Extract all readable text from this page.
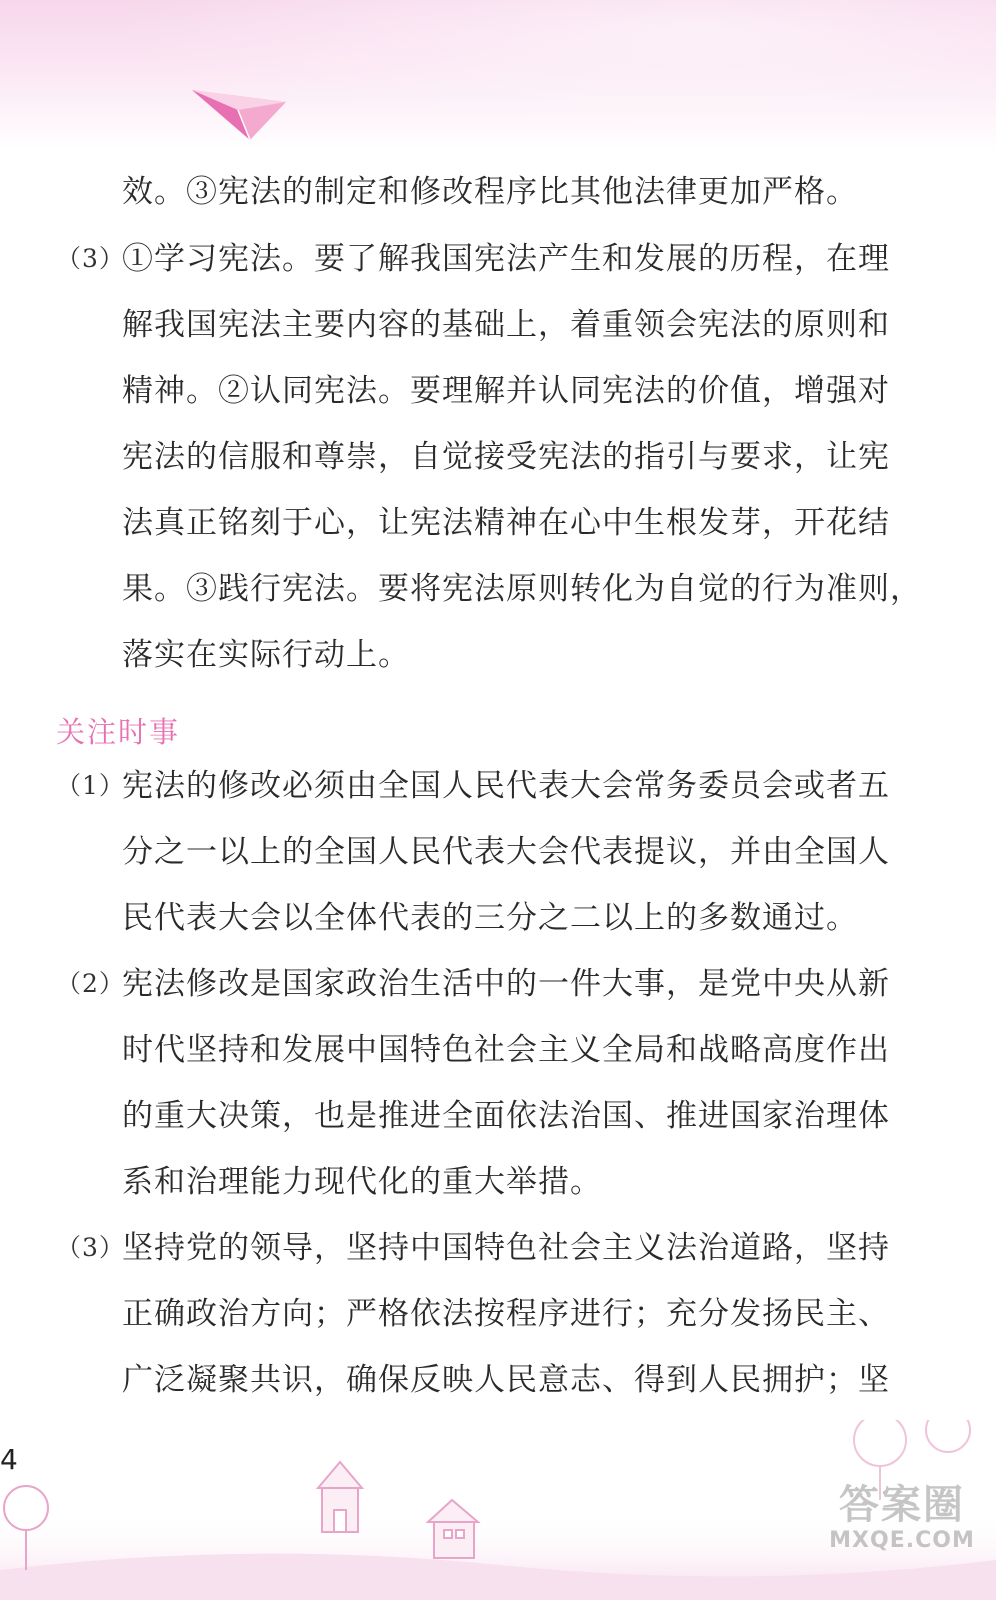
效。③宪法的制定和修改程序比其他法律更加严格。
（3）
①学习宪法。要了解我国宪法产生和发展的历程，在理
解我国宪法主要内容的基础上，着重领会宪法的原则和
精神。②认同宪法。要理解并认同宪法的价值，增强对
宪法的信服和尊崇，自觉接受宪法的指引与要求，让宪
法真正铭刻于心，让宪法精神在心中生根发芽，开花结
果。③践行宪法。要将宪法原则转化为自觉的行为准则，
落实在实际行动上。
关注时事
（1）
宪法的修改必须由全国人民代表大会常务委员会或者五
分之一以上的全国人民代表大会代表提议，并由全国人
民代表大会以全体代表的三分之二以上的多数通过。
（2）
宪法修改是国家政治生活中的一件大事，是党中央从新
时代坚持和发展中国特色社会主义全局和战略高度作出
的重大决策，也是推进全面依法治国、推进国家治理体
系和治理能力现代化的重大举措。
（3）
坚持党的领导，坚持中国特色社会主义法治道路，坚持
正确政治方向；严格依法按程序进行；充分发扬民主、
广泛凝聚共识，确保反映人民意志、得到人民拥护；坚
4
答案圈
MXQE.COM
